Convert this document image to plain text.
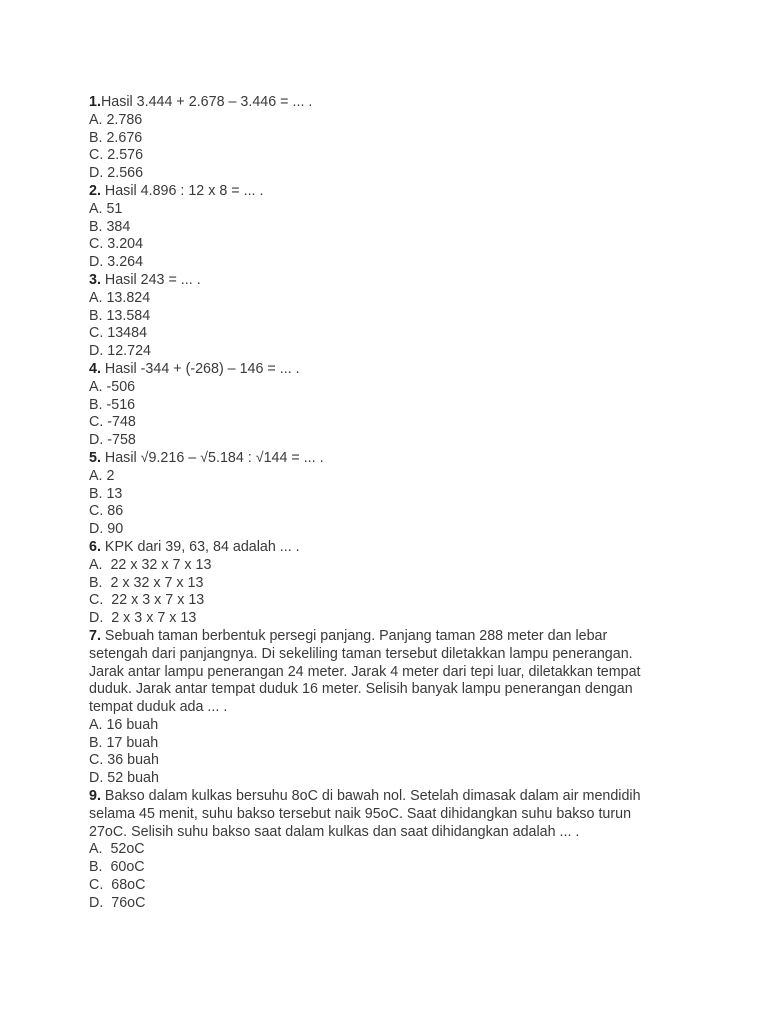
1.Hasil 3.444 + 2.678 – 3.446 = ... .
A. 2.786
B. 2.676
C. 2.576
D. 2.566
2. Hasil 4.896 : 12 x 8 = ... .
A. 51
B. 384
C. 3.204
D. 3.264
3. Hasil 243 = ... .
A. 13.824
B. 13.584
C. 13484
D. 12.724
4. Hasil -344 + (-268) – 146 = ... .
A. -506
B. -516
C. -748
D. -758
5. Hasil √9.216 – √5.184 : √144 = ... .
A. 2
B. 13
C. 86
D. 90
6. KPK dari 39, 63, 84 adalah ... .
A.  22 x 32 x 7 x 13
B.  2 x 32 x 7 x 13
C.  22 x 3 x 7 x 13
D.  2 x 3 x 7 x 13
7. Sebuah taman berbentuk persegi panjang. Panjang taman 288 meter dan lebar
setengah dari panjangnya. Di sekeliling taman tersebut diletakkan lampu penerangan.
Jarak antar lampu penerangan 24 meter. Jarak 4 meter dari tepi luar, diletakkan tempat
duduk. Jarak antar tempat duduk 16 meter. Selisih banyak lampu penerangan dengan
tempat duduk ada ... .
A. 16 buah
B. 17 buah
C. 36 buah
D. 52 buah
9. Bakso dalam kulkas bersuhu 8oC di bawah nol. Setelah dimasak dalam air mendidih
selama 45 menit, suhu bakso tersebut naik 95oC. Saat dihidangkan suhu bakso turun
27oC. Selisih suhu bakso saat dalam kulkas dan saat dihidangkan adalah ... .
A.  52oC
B.  60oC
C.  68oC
D.  76oC
